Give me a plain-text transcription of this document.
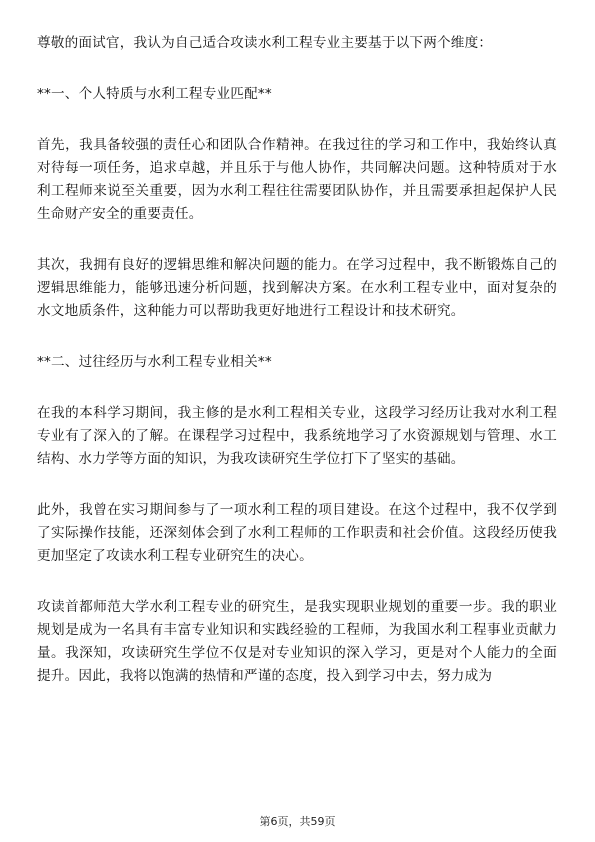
尊敬的面试官，我认为自己适合攻读水利工程专业主要基于以下两个维度：

**一、个人特质与水利工程专业匹配**

首先，我具备较强的责任心和团队合作精神。在我过往的学习和工作中，我始终认真对待每一项任务，追求卓越，并且乐于与他人协作，共同解决问题。这种特质对于水利工程师来说至关重要，因为水利工程往往需要团队协作，并且需要承担起保护人民生命财产安全的重要责任。

其次，我拥有良好的逻辑思维和解决问题的能力。在学习过程中，我不断锻炼自己的逻辑思维能力，能够迅速分析问题，找到解决方案。在水利工程专业中，面对复杂的水文地质条件，这种能力可以帮助我更好地进行工程设计和技术研究。

**二、过往经历与水利工程专业相关**

在我的本科学习期间，我主修的是水利工程相关专业，这段学习经历让我对水利工程专业有了深入的了解。在课程学习过程中，我系统地学习了水资源规划与管理、水工结构、水力学等方面的知识，为我攻读研究生学位打下了坚实的基础。

此外，我曾在实习期间参与了一项水利工程的项目建设。在这个过程中，我不仅学到了实际操作技能，还深刻体会到了水利工程师的工作职责和社会价值。这段经历使我更加坚定了攻读水利工程专业研究生的决心。

攻读首都师范大学水利工程专业的研究生，是我实现职业规划的重要一步。我的职业规划是成为一名具有丰富专业知识和实践经验的工程师，为我国水利工程事业贡献力量。我深知，攻读研究生学位不仅是对专业知识的深入学习，更是对个人能力的全面提升。因此，我将以饱满的热情和严谨的态度，投入到学习中去，努力成为

第6页，共59页
